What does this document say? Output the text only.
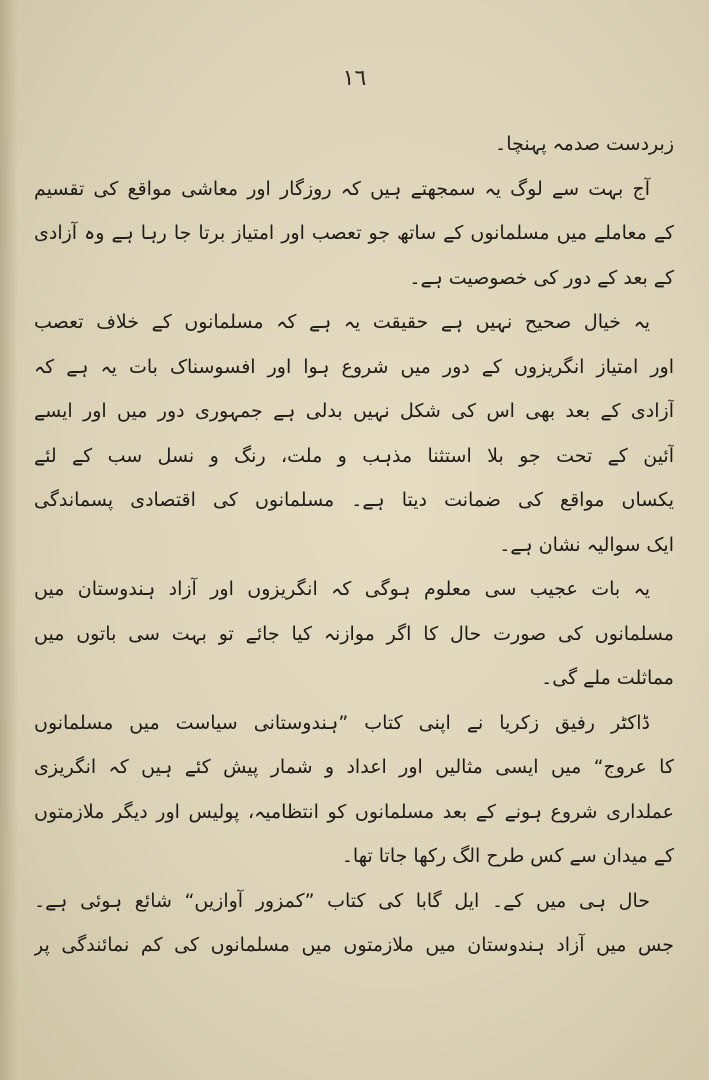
١٦
زبردست صدمہ پہنچا۔
آج بہت سے لوگ یہ سمجھتے ہیں کہ روزگار اور معاشی مواقع کی تقسیم
کے معاملے میں مسلمانوں کے ساتھ جو تعصب اور امتیاز برتا جا رہا ہے وہ آزادی
کے بعد کے دور کی خصوصیت ہے۔
یہ خیال صحیح نہیں ہے حقیقت یہ ہے کہ مسلمانوں کے خلاف تعصب
اور امتیاز انگریزوں کے دور میں شروع ہوا اور افسوسناک بات یہ ہے کہ
آزادی کے بعد بھی اس کی شکل نہیں بدلی ہے جمہوری دور میں اور ایسے
آئین کے تحت جو بلا استثنا مذہب و ملت، رنگ و نسل سب کے لئے
یکساں مواقع کی ضمانت دیتا ہے۔ مسلمانوں کی اقتصادی پسماندگی
ایک سوالیہ نشان ہے۔
یہ بات عجیب سی معلوم ہوگی کہ انگریزوں اور آزاد ہندوستان میں
مسلمانوں کی صورت حال کا اگر موازنہ کیا جائے تو بہت سی باتوں میں
مماثلت ملے گی۔
ڈاکٹر رفیق زکریا نے اپنی کتاب ”ہندوستانی سیاست میں مسلمانوں
کا عروج“ میں ایسی مثالیں اور اعداد و شمار پیش کئے ہیں کہ انگریزی
عملداری شروع ہونے کے بعد مسلمانوں کو انتظامیہ، پولیس اور دیگر ملازمتوں
کے میدان سے کس طرح الگ رکھا جاتا تھا۔
حال ہی میں کے۔ ایل گابا کی کتاب ”کمزور آوازیں“ شائع ہوئی ہے۔
جس میں آزاد ہندوستان میں ملازمتوں میں مسلمانوں کی کم نمائندگی پر
